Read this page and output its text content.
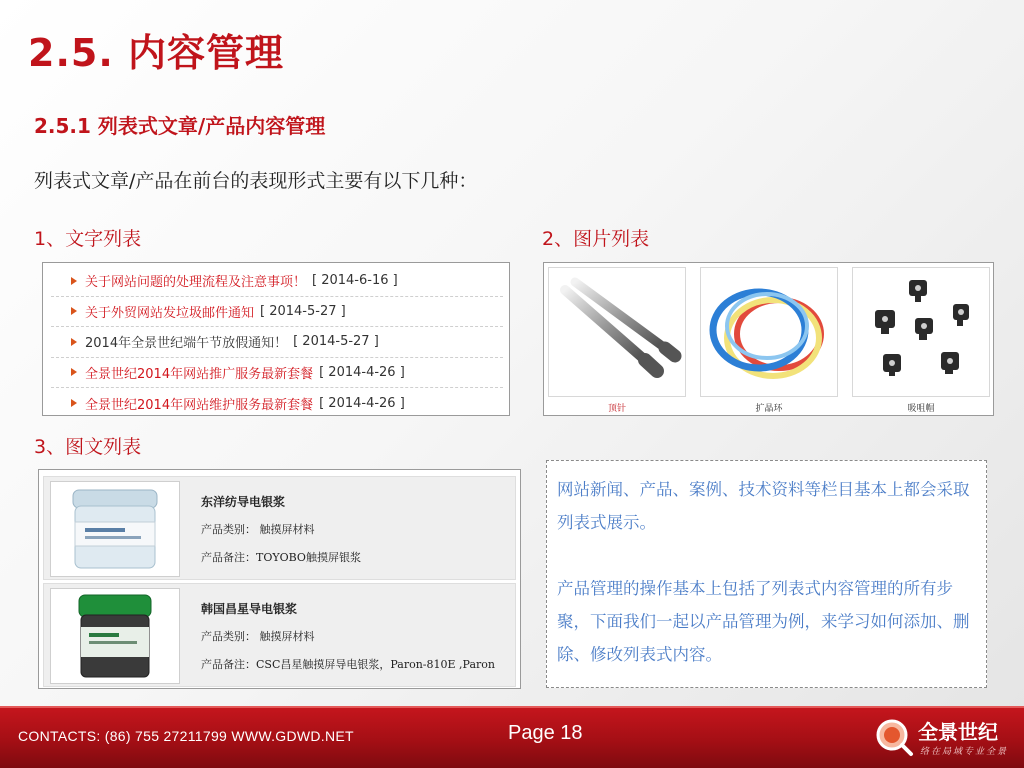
2.5. 内容管理
2.5.1 列表式文章/产品内容管理
列表式文章/产品在前台的表现形式主要有以下几种：
1、文字列表	2、图片列表
3、图文列表
关于网站问题的处理流程及注意事项！ [ 2014-6-16 ]
关于外贸网站发垃圾邮件通知 [ 2014-5-27 ]
2014年全景世纪端午节放假通知！ [ 2014-5-27 ]
全景世纪2014年网站推广服务最新套餐 [ 2014-4-26 ]
全景世纪2014年网站维护服务最新套餐 [ 2014-4-26 ]	顶针	扩晶环	吸咀帽
东洋纺导电银浆
产品类别： 触摸屏材料
产品备注：TOYOBO触摸屏银浆
韩国昌星导电银浆
产品类别： 触摸屏材料
产品备注：CSC昌星触摸屏导电银浆，Paron-810E ,Paron

网站新闻、产品、案例、技术资料等栏目基本上都会采取列表式展示。

产品管理的操作基本上包括了列表式内容管理的所有步聚，下面我们一起以产品管理为例，来学习如何添加、删除、修改列表式内容。

CONTACTS: (86) 755 27211799 WWW.GDWD.NET	Page 18	全景世纪
络在局域专业全景
